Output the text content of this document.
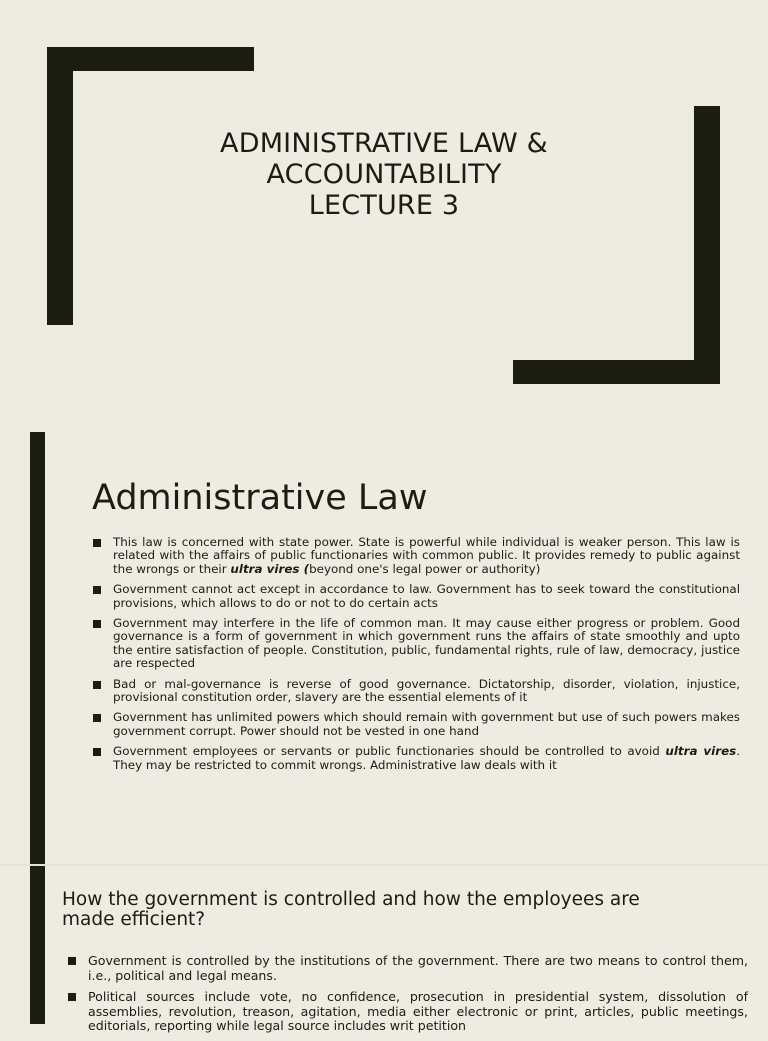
ADMINISTRATIVE LAW &
ACCOUNTABILITY
LECTURE 3
Administrative Law
This law is concerned with state power. State is powerful while individual is weaker person. This law is related with the affairs of public functionaries with common public. It provides remedy to public against the wrongs or their ultra vires (beyond one's legal power or authority)
Government cannot act except in accordance to law. Government has to seek toward the constitutional provisions, which allows to do or not to do certain acts
Government may interfere in the life of common man. It may cause either progress or problem. Good governance is a form of government in which government runs the affairs of state smoothly and upto the entire satisfaction of people. Constitution, public, fundamental rights, rule of law, democracy, justice are respected
Bad or mal-governance is reverse of good governance. Dictatorship, disorder, violation, injustice, provisional constitution order, slavery are the essential elements of it
Government has unlimited powers which should remain with government but use of such powers makes government corrupt. Power should not be vested in one hand
Government employees or servants or public functionaries should be controlled to avoid ultra vires. They may be restricted to commit wrongs. Administrative law deals with it
How the government is controlled and how the employees are made efficient?
Government is controlled by the institutions of the government. There are two means to control them, i.e., political and legal means.
Political sources include vote, no confidence, prosecution in presidential system, dissolution of assemblies, revolution, treason, agitation, media either electronic or print, articles, public meetings, editorials, reporting while legal source includes writ petition
